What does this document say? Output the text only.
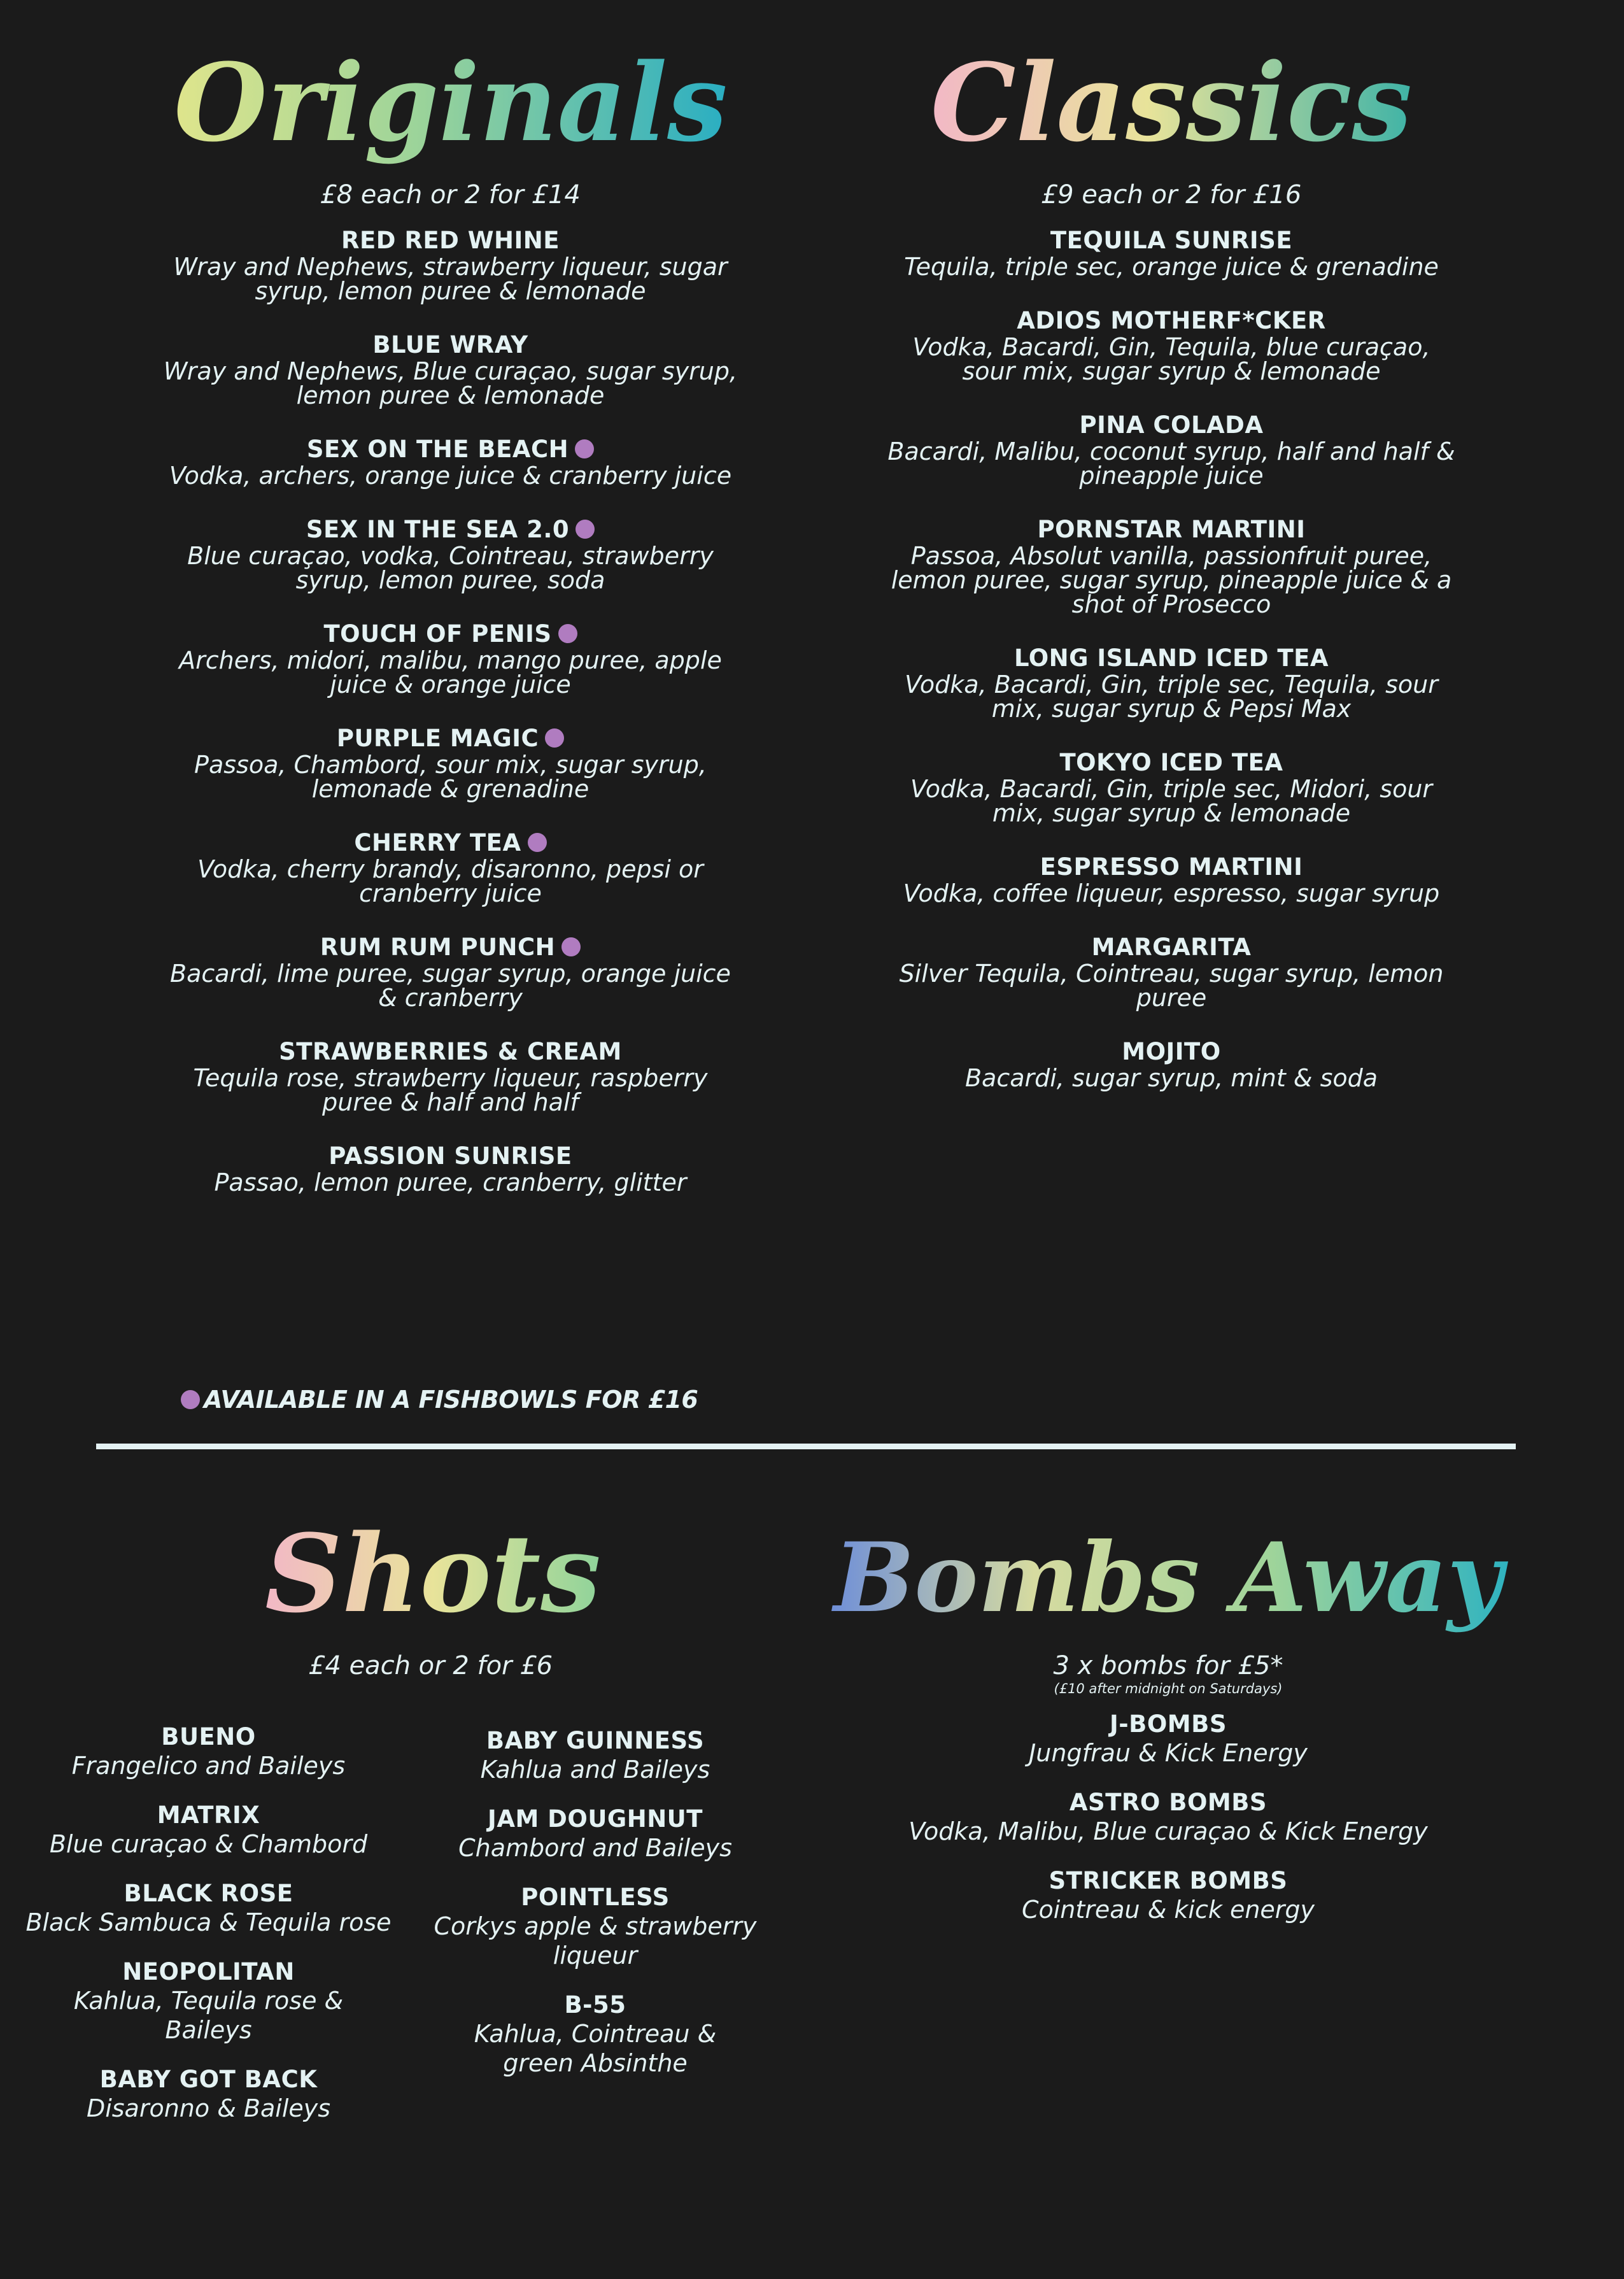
Originals
£8 each or 2 for £14
RED RED WHINE
Wray and Nephews, strawberry liqueur, sugar
syrup, lemon puree & lemonade
BLUE WRAY
Wray and Nephews, Blue curaçao, sugar syrup,
lemon puree & lemonade
SEX ON THE BEACH
Vodka, archers, orange juice & cranberry juice
SEX IN THE SEA 2.0
Blue curaçao, vodka, Cointreau, strawberry
syrup, lemon puree, soda
TOUCH OF PENIS
Archers, midori, malibu, mango puree, apple
juice & orange juice
PURPLE MAGIC
Passoa, Chambord, sour mix, sugar syrup,
lemonade & grenadine
CHERRY TEA
Vodka, cherry brandy, disaronno, pepsi or
cranberry juice
RUM RUM PUNCH
Bacardi, lime puree, sugar syrup, orange juice
& cranberry
STRAWBERRIES & CREAM
Tequila rose, strawberry liqueur, raspberry
puree & half and half
PASSION SUNRISE
Passao, lemon puree, cranberry, glitter
Classics
£9 each or 2 for £16
TEQUILA SUNRISE
Tequila, triple sec, orange juice & grenadine
ADIOS MOTHERF*CKER
Vodka, Bacardi, Gin, Tequila, blue curaçao,
sour mix, sugar syrup & lemonade
PINA COLADA
Bacardi, Malibu, coconut syrup, half and half &
pineapple juice
PORNSTAR MARTINI
Passoa, Absolut vanilla, passionfruit puree,
lemon puree, sugar syrup, pineapple juice & a
shot of Prosecco
LONG ISLAND ICED TEA
Vodka, Bacardi, Gin, triple sec, Tequila, sour
mix, sugar syrup & Pepsi Max
TOKYO ICED TEA
Vodka, Bacardi, Gin, triple sec, Midori, sour
mix, sugar syrup & lemonade
ESPRESSO MARTINI
Vodka, coffee liqueur, espresso, sugar syrup
MARGARITA
Silver Tequila, Cointreau, sugar syrup, lemon
puree
MOJITO
Bacardi, sugar syrup, mint & soda
AVAILABLE IN A FISHBOWLS FOR £16
Shots
£4 each or 2 for £6
BUENO
Frangelico and Baileys
MATRIX
Blue curaçao & Chambord
BLACK ROSE
Black Sambuca & Tequila rose
NEOPOLITAN
Kahlua, Tequila rose &
Baileys
BABY GOT BACK
Disaronno & Baileys
BABY GUINNESS
Kahlua and Baileys
JAM DOUGHNUT
Chambord and Baileys
POINTLESS
Corkys apple & strawberry
liqueur
B-55
Kahlua, Cointreau &
green Absinthe
Bombs Away
3 x bombs for £5*
(£10 after midnight on Saturdays)
J-BOMBS
Jungfrau & Kick Energy
ASTRO BOMBS
Vodka, Malibu, Blue curaçao & Kick Energy
STRICKER BOMBS
Cointreau & kick energy
